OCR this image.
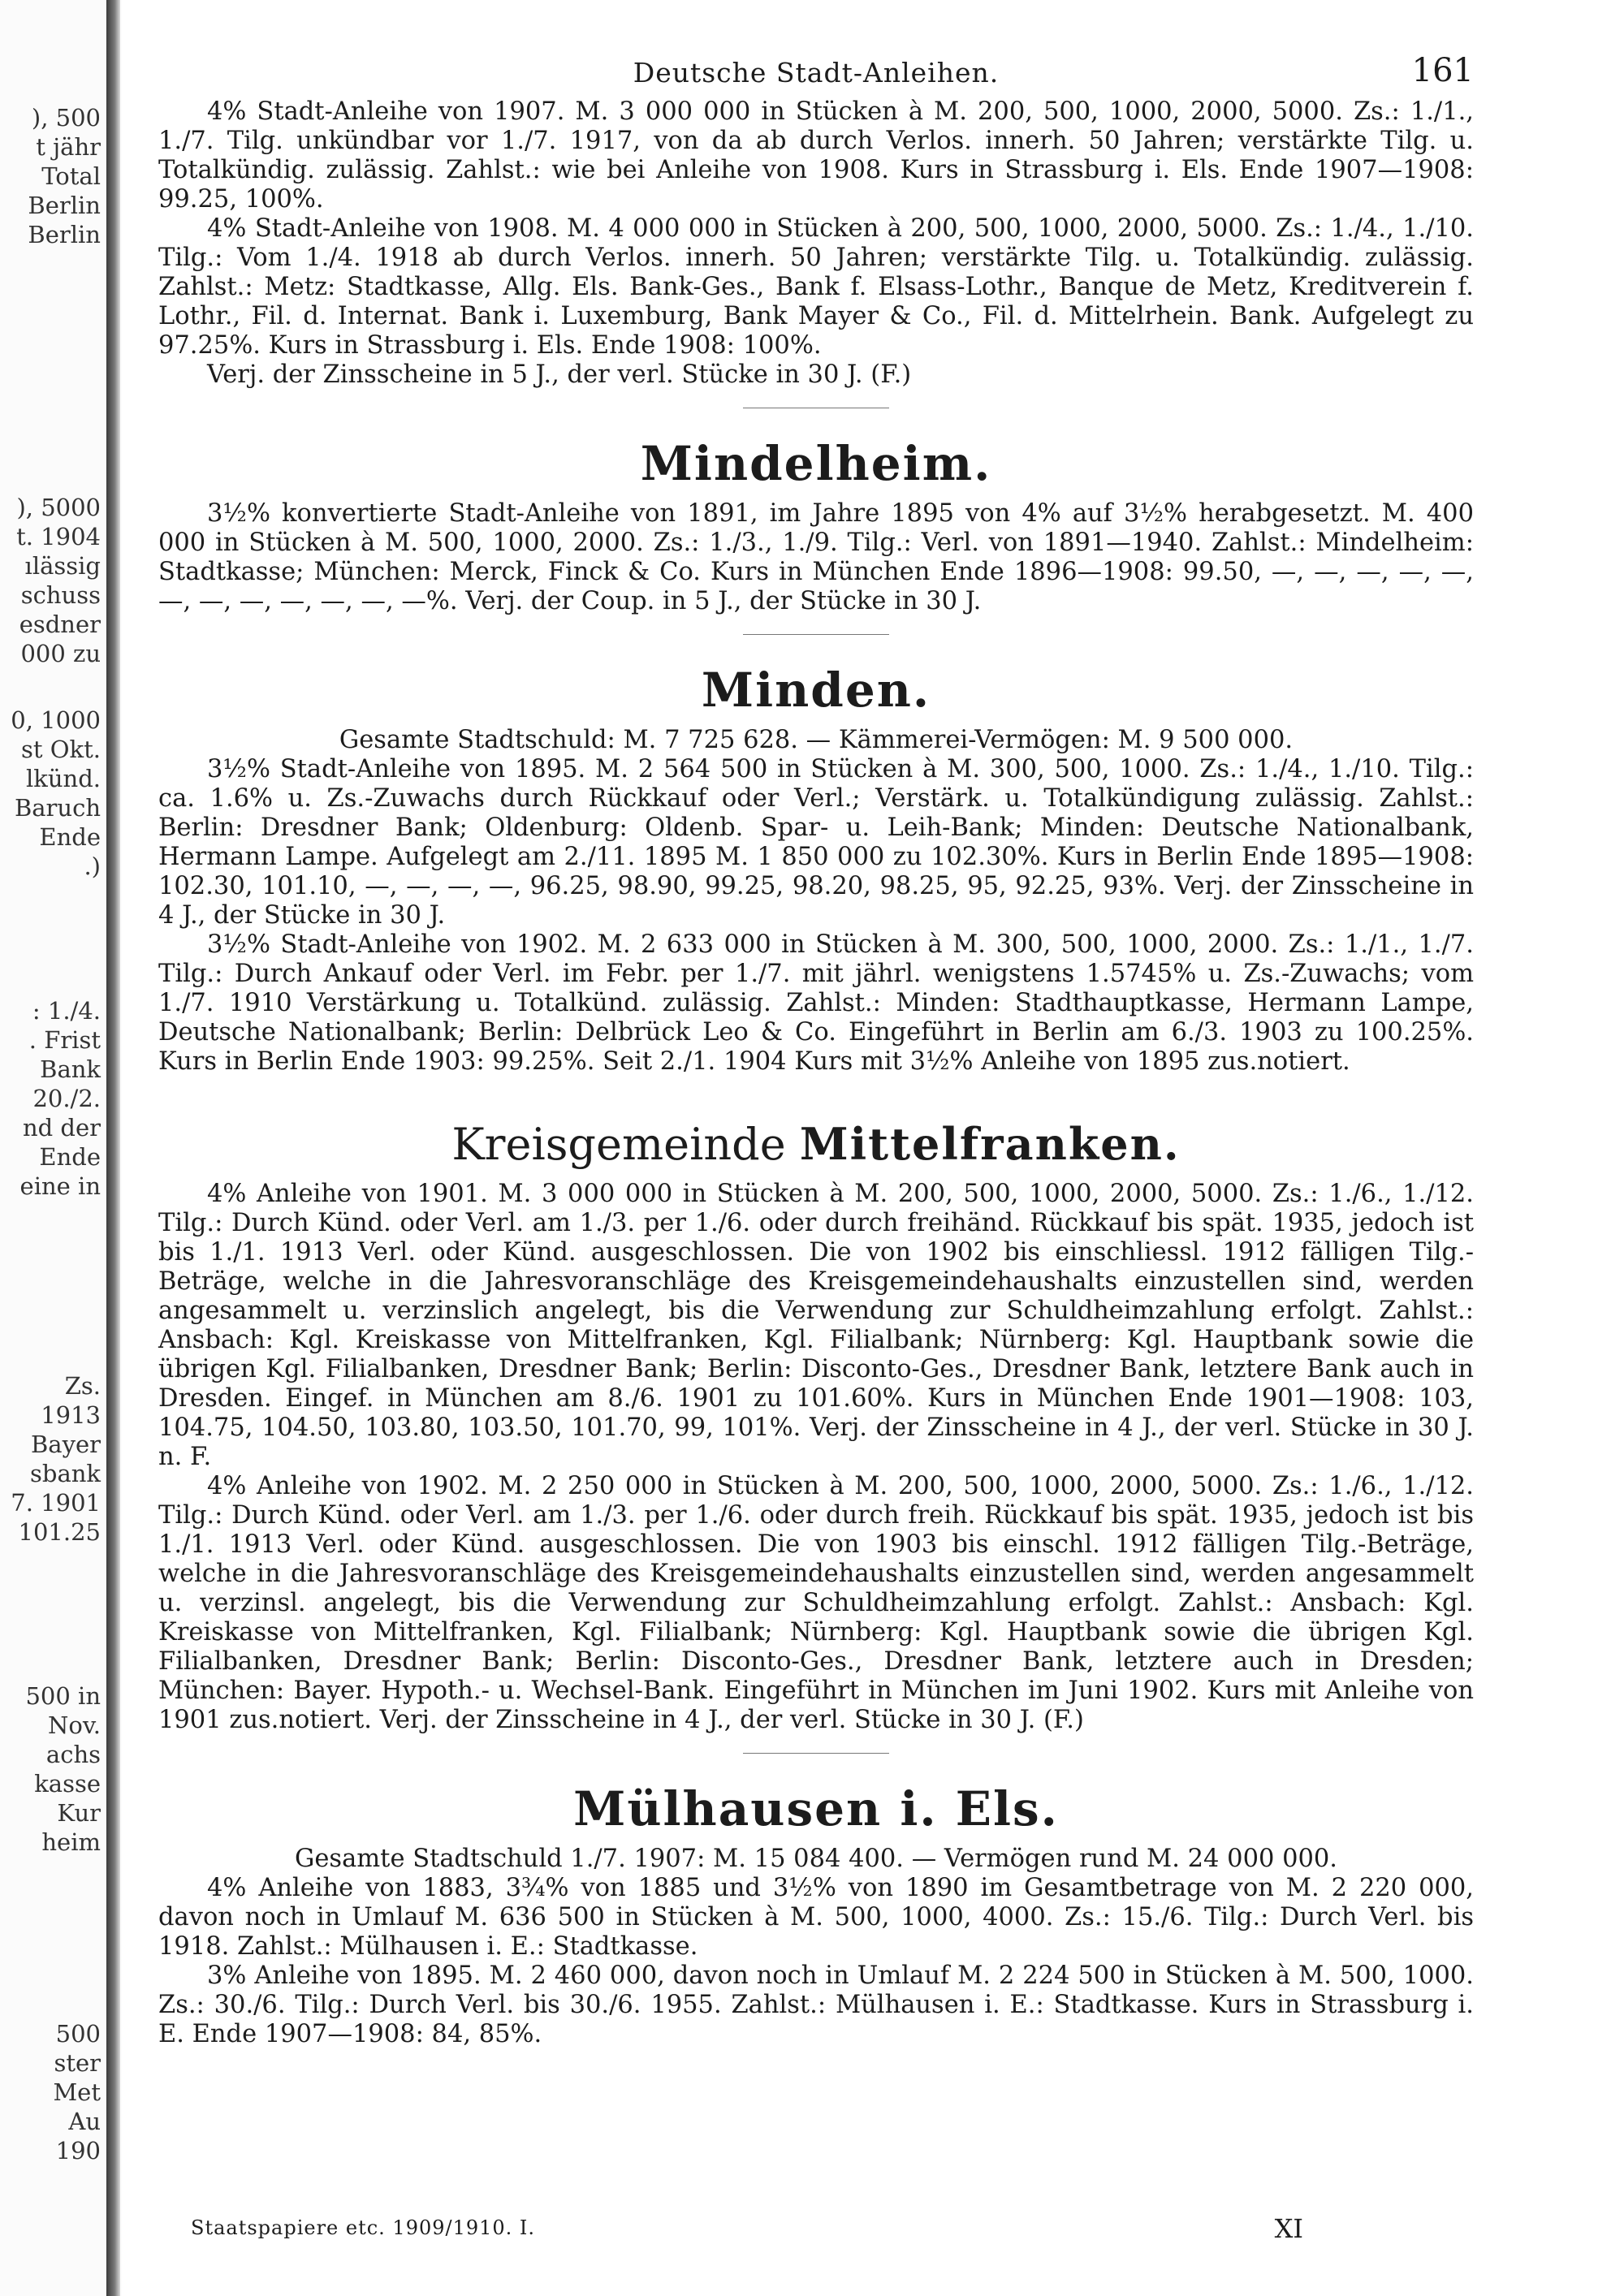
), 500
t jähr
Total
Berlin
Berlin
), 5000
t. 1904
ılässig
schuss
esdner
000 zu
0, 1000
st Okt.
lkünd.
Baruch
Ende
.)
: 1./4.
. Frist
Bank
20./2.
nd der
Ende
eine in
Zs.
1913
Bayer
sbank
7. 1901
101.25
500 in
Nov.
achs
kasse
Kur
heim
500
ster
Met
Au
190
Deutsche Stadt-Anleihen.	161

4% Stadt-Anleihe von 1907. M. 3 000 000 in Stücken à M. 200, 500, 1000, 2000, 5000. Zs.: 1./1., 1./7. Tilg. unkündbar vor 1./7. 1917, von da ab durch Verlos. innerh. 50 Jahren; verstärkte Tilg. u. Totalkündig. zulässig. Zahlst.: wie bei Anleihe von 1908. Kurs in Strassburg i. Els. Ende 1907—1908: 99.25, 100%.

4% Stadt-Anleihe von 1908. M. 4 000 000 in Stücken à 200, 500, 1000, 2000, 5000. Zs.: 1./4., 1./10. Tilg.: Vom 1./4. 1918 ab durch Verlos. innerh. 50 Jahren; verstärkte Tilg. u. Totalkündig. zulässig. Zahlst.: Metz: Stadtkasse, Allg. Els. Bank-Ges., Bank f. Elsass-Lothr., Banque de Metz, Kreditverein f. Lothr., Fil. d. Internat. Bank i. Luxemburg, Bank Mayer & Co., Fil. d. Mittelrhein. Bank. Aufgelegt zu 97.25%. Kurs in Strassburg i. Els. Ende 1908: 100%.

Verj. der Zinsscheine in 5 J., der verl. Stücke in 30 J. (F.)

Mindelheim.

3½% konvertierte Stadt-Anleihe von 1891, im Jahre 1895 von 4% auf 3½% herabgesetzt. M. 400 000 in Stücken à M. 500, 1000, 2000. Zs.: 1./3., 1./9. Tilg.: Verl. von 1891—1940. Zahlst.: Mindelheim: Stadtkasse; München: Merck, Finck & Co. Kurs in München Ende 1896—1908: 99.50, —, —, —, —, —, —, —, —, —, —, —, —%. Verj. der Coup. in 5 J., der Stücke in 30 J.

Minden.

Gesamte Stadtschuld: M. 7 725 628. — Kämmerei-Vermögen: M. 9 500 000.

3½% Stadt-Anleihe von 1895. M. 2 564 500 in Stücken à M. 300, 500, 1000. Zs.: 1./4., 1./10. Tilg.: ca. 1.6% u. Zs.-Zuwachs durch Rückkauf oder Verl.; Verstärk. u. Totalkündigung zulässig. Zahlst.: Berlin: Dresdner Bank; Oldenburg: Oldenb. Spar- u. Leih-Bank; Minden: Deutsche Nationalbank, Hermann Lampe. Aufgelegt am 2./11. 1895 M. 1 850 000 zu 102.30%. Kurs in Berlin Ende 1895—1908: 102.30, 101.10, —, —, —, —, 96.25, 98.90, 99.25, 98.20, 98.25, 95, 92.25, 93%. Verj. der Zinsscheine in 4 J., der Stücke in 30 J.

3½% Stadt-Anleihe von 1902. M. 2 633 000 in Stücken à M. 300, 500, 1000, 2000. Zs.: 1./1., 1./7. Tilg.: Durch Ankauf oder Verl. im Febr. per 1./7. mit jährl. wenigstens 1.5745% u. Zs.-Zuwachs; vom 1./7. 1910 Verstärkung u. Totalkünd. zulässig. Zahlst.: Minden: Stadthauptkasse, Hermann Lampe, Deutsche Nationalbank; Berlin: Delbrück Leo & Co. Eingeführt in Berlin am 6./3. 1903 zu 100.25%. Kurs in Berlin Ende 1903: 99.25%. Seit 2./1. 1904 Kurs mit 3½% Anleihe von 1895 zus.notiert.

Kreisgemeinde Mittelfranken.

4% Anleihe von 1901. M. 3 000 000 in Stücken à M. 200, 500, 1000, 2000, 5000. Zs.: 1./6., 1./12. Tilg.: Durch Künd. oder Verl. am 1./3. per 1./6. oder durch freihänd. Rückkauf bis spät. 1935, jedoch ist bis 1./1. 1913 Verl. oder Künd. ausgeschlossen. Die von 1902 bis einschliessl. 1912 fälligen Tilg.-Beträge, welche in die Jahresvoranschläge des Kreisgemeindehaushalts einzustellen sind, werden angesammelt u. verzinslich angelegt, bis die Verwendung zur Schuldheimzahlung erfolgt. Zahlst.: Ansbach: Kgl. Kreiskasse von Mittelfranken, Kgl. Filialbank; Nürnberg: Kgl. Hauptbank sowie die übrigen Kgl. Filialbanken, Dresdner Bank; Berlin: Disconto-Ges., Dresdner Bank, letztere Bank auch in Dresden. Eingef. in München am 8./6. 1901 zu 101.60%. Kurs in München Ende 1901—1908: 103, 104.75, 104.50, 103.80, 103.50, 101.70, 99, 101%. Verj. der Zinsscheine in 4 J., der verl. Stücke in 30 J. n. F.

4% Anleihe von 1902. M. 2 250 000 in Stücken à M. 200, 500, 1000, 2000, 5000. Zs.: 1./6., 1./12. Tilg.: Durch Künd. oder Verl. am 1./3. per 1./6. oder durch freih. Rückkauf bis spät. 1935, jedoch ist bis 1./1. 1913 Verl. oder Künd. ausgeschlossen. Die von 1903 bis einschl. 1912 fälligen Tilg.-Beträge, welche in die Jahresvoranschläge des Kreisgemeindehaushalts einzustellen sind, werden angesammelt u. verzinsl. angelegt, bis die Verwendung zur Schuldheimzahlung erfolgt. Zahlst.: Ansbach: Kgl. Kreiskasse von Mittelfranken, Kgl. Filialbank; Nürnberg: Kgl. Hauptbank sowie die übrigen Kgl. Filialbanken, Dresdner Bank; Berlin: Disconto-Ges., Dresdner Bank, letztere auch in Dresden; München: Bayer. Hypoth.- u. Wechsel-Bank. Eingeführt in München im Juni 1902. Kurs mit Anleihe von 1901 zus.notiert. Verj. der Zinsscheine in 4 J., der verl. Stücke in 30 J. (F.)

Mülhausen i. Els.

Gesamte Stadtschuld 1./7. 1907: M. 15 084 400. — Vermögen rund M. 24 000 000.

4% Anleihe von 1883, 3¾% von 1885 und 3½% von 1890 im Gesamtbetrage von M. 2 220 000, davon noch in Umlauf M. 636 500 in Stücken à M. 500, 1000, 4000. Zs.: 15./6. Tilg.: Durch Verl. bis 1918. Zahlst.: Mülhausen i. E.: Stadtkasse.

3% Anleihe von 1895. M. 2 460 000, davon noch in Umlauf M. 2 224 500 in Stücken à M. 500, 1000. Zs.: 30./6. Tilg.: Durch Verl. bis 30./6. 1955. Zahlst.: Mülhausen i. E.: Stadtkasse. Kurs in Strassburg i. E. Ende 1907—1908: 84, 85%.

Staatspapiere etc. 1909/1910. I.	XI
